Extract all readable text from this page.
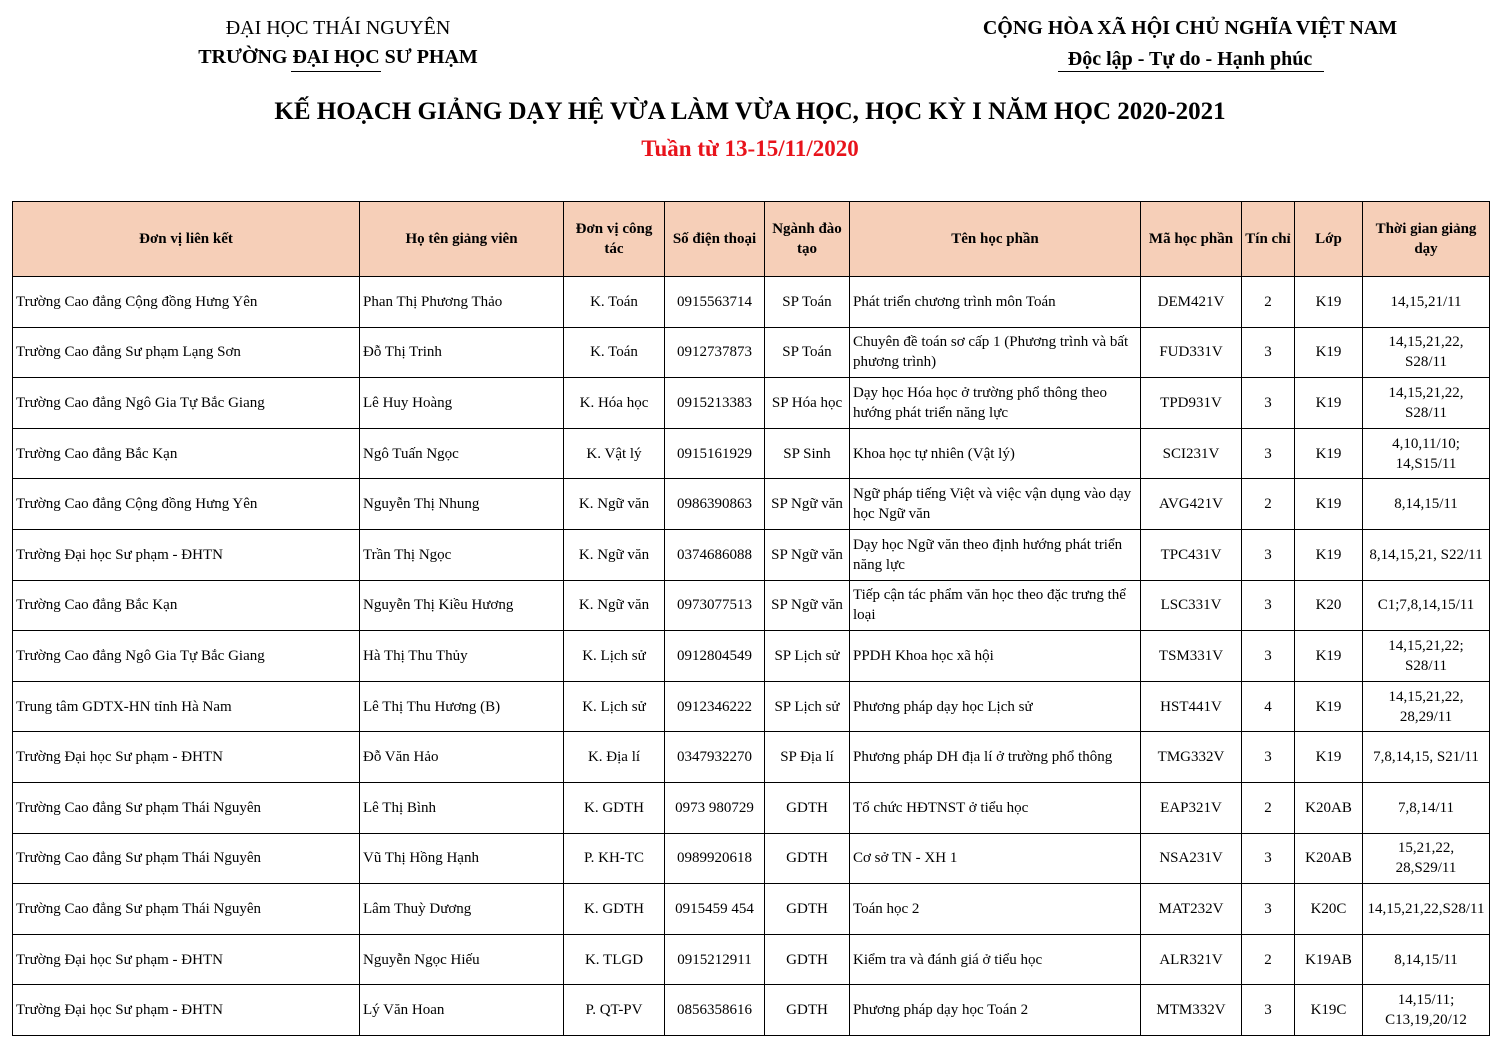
ĐẠI HỌC THÁI NGUYÊN
TRƯỜNG ĐẠI HỌC SƯ PHẠM
CỘNG HÒA XÃ HỘI CHỦ NGHĨA VIỆT NAM
Độc lập - Tự do - Hạnh phúc
KẾ HOẠCH GIẢNG DẠY HỆ VỪA LÀM VỪA HỌC, HỌC KỲ I NĂM HỌC 2020-2021
Tuần từ 13-15/11/2020
Đơn vị liên kết	Họ tên giảng viên	Đơn vị công tác	Số điện thoại	Ngành đào tạo	Tên học phần	Mã học phần	Tín chỉ	Lớp	Thời gian giảng dạy
Trường Cao đẳng Cộng đồng Hưng Yên	Phan Thị Phương Thảo	K. Toán	0915563714	SP Toán	Phát triển chương trình môn Toán	DEM421V	2	K19	14,15,21/11
Trường Cao đẳng Sư phạm Lạng Sơn	Đỗ Thị Trinh	K. Toán	0912737873	SP Toán	Chuyên đề toán sơ cấp 1 (Phương trình và bất phương trình)	FUD331V	3	K19	14,15,21,22, S28/11
Trường Cao đẳng Ngô Gia Tự Bắc Giang	Lê Huy Hoàng	K. Hóa học	0915213383	SP Hóa học	Dạy học Hóa học ở trường phổ thông theo hướng phát triển năng lực	TPD931V	3	K19	14,15,21,22, S28/11
Trường Cao đẳng Bắc Kạn	Ngô Tuấn Ngọc	K. Vật lý	0915161929	SP Sinh	Khoa học tự nhiên (Vật lý)	SCI231V	3	K19	4,10,11/10; 14,S15/11
Trường Cao đẳng Cộng đồng Hưng Yên	Nguyễn Thị Nhung	K. Ngữ văn	0986390863	SP Ngữ văn	Ngữ pháp tiếng Việt và việc vận dụng vào dạy học Ngữ văn	AVG421V	2	K19	8,14,15/11
Trường Đại học Sư phạm - ĐHTN	Trần Thị Ngọc	K. Ngữ văn	0374686088	SP Ngữ văn	Dạy học Ngữ văn theo định hướng phát triển năng lực	TPC431V	3	K19	8,14,15,21, S22/11
Trường Cao đẳng Bắc Kạn	Nguyễn Thị Kiều Hương	K. Ngữ văn	0973077513	SP Ngữ văn	Tiếp cận tác phẩm văn học theo đặc trưng thể loại	LSC331V	3	K20	C1;7,8,14,15/11
Trường Cao đẳng Ngô Gia Tự Bắc Giang	Hà Thị Thu Thủy	K. Lịch sử	0912804549	SP Lịch sử	PPDH Khoa học xã hội	TSM331V	3	K19	14,15,21,22; S28/11
Trung tâm GDTX-HN tỉnh Hà Nam	Lê Thị Thu Hương (B)	K. Lịch sử	0912346222	SP Lịch sử	Phương pháp dạy học Lịch sử	HST441V	4	K19	14,15,21,22, 28,29/11
Trường Đại học Sư phạm - ĐHTN	Đỗ Văn Hảo	K. Địa lí	0347932270	SP Địa lí	Phương pháp DH địa lí ở trường phổ thông	TMG332V	3	K19	7,8,14,15, S21/11
Trường Cao đẳng Sư phạm Thái Nguyên	Lê Thị Bình	K. GDTH	0973 980729	GDTH	Tổ chức HĐTNST ở tiểu học	EAP321V	2	K20AB	7,8,14/11
Trường Cao đẳng Sư phạm Thái Nguyên	Vũ Thị Hồng Hạnh	P. KH-TC	0989920618	GDTH	Cơ sở TN - XH 1	NSA231V	3	K20AB	15,21,22, 28,S29/11
Trường Cao đẳng Sư phạm Thái Nguyên	Lâm Thuỳ Dương	K. GDTH	0915459 454	GDTH	Toán học 2	MAT232V	3	K20C	14,15,21,22,S28/11
Trường Đại học Sư phạm - ĐHTN	Nguyễn Ngọc Hiếu	K. TLGD	0915212911	GDTH	Kiểm tra và đánh giá ở tiểu học	ALR321V	2	K19AB	8,14,15/11
Trường Đại học Sư phạm - ĐHTN	Lý Văn Hoan	P. QT-PV	0856358616	GDTH	Phương pháp dạy học Toán 2	MTM332V	3	K19C	14,15/11; C13,19,20/12
